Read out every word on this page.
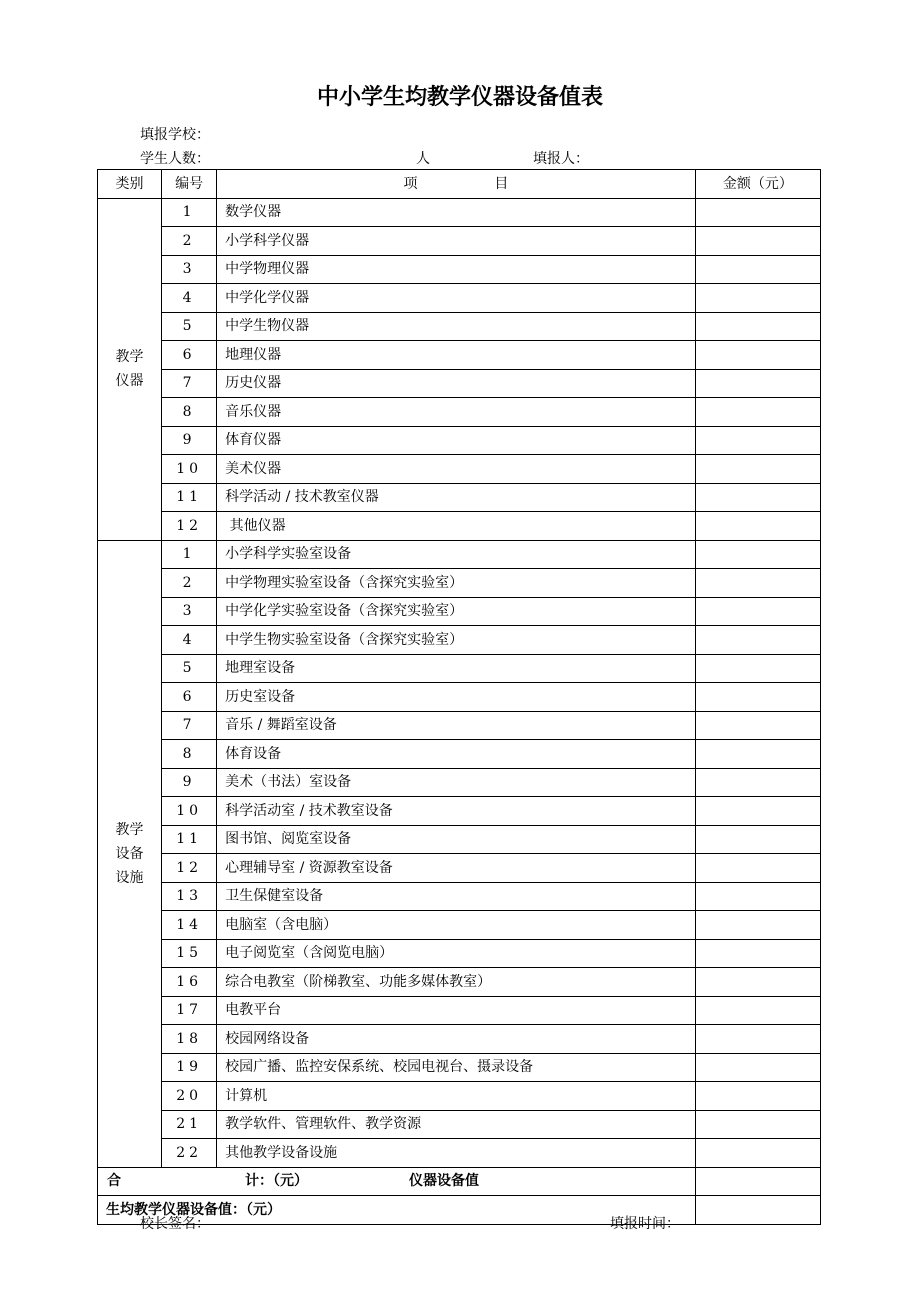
中小学生均教学仪器设备值表
填报学校：
学生人数：	人	填报人：
类别	编号	项 目	金额（元）

教学仪器	1	数学仪器	
	2	小学科学仪器	
	3	中学物理仪器	
	4	中学化学仪器	
	5	中学生物仪器	
	6	地理仪器	
	7	历史仪器	
	8	音乐仪器	
	9	体育仪器	
	10	美术仪器	
	11	科学活动 / 技术教室仪器	
	12	其他仪器	

教学设备设施	1	小学科学实验室设备	
	2	中学物理实验室设备（含探究实验室）	
	3	中学化学实验室设备（含探究实验室）	
	4	中学生物实验室设备（含探究实验室）	
	5	地理室设备	
	6	历史室设备	
	7	音乐 / 舞蹈室设备	
	8	体育设备	
	9	美术（书法）室设备	
	10	科学活动室 / 技术教室设备	
	11	图书馆、阅览室设备	
	12	心理辅导室 / 资源教室设备	
	13	卫生保健室设备	
	14	电脑室（含电脑）	
	15	电子阅览室（含阅览电脑）	
	16	综合电教室（阶梯教室、功能多媒体教室）	
	17	电教平台	
	18	校园网络设备	
	19	校园广播、监控安保系统、校园电视台、摄录设备	
	20	计算机	
	21	教学软件、管理软件、教学资源	
	22	其他教学设备设施	

合 计：（元） 仪器设备值			

生均教学仪器设备值：（元）			
校长签名：	填报时间：
